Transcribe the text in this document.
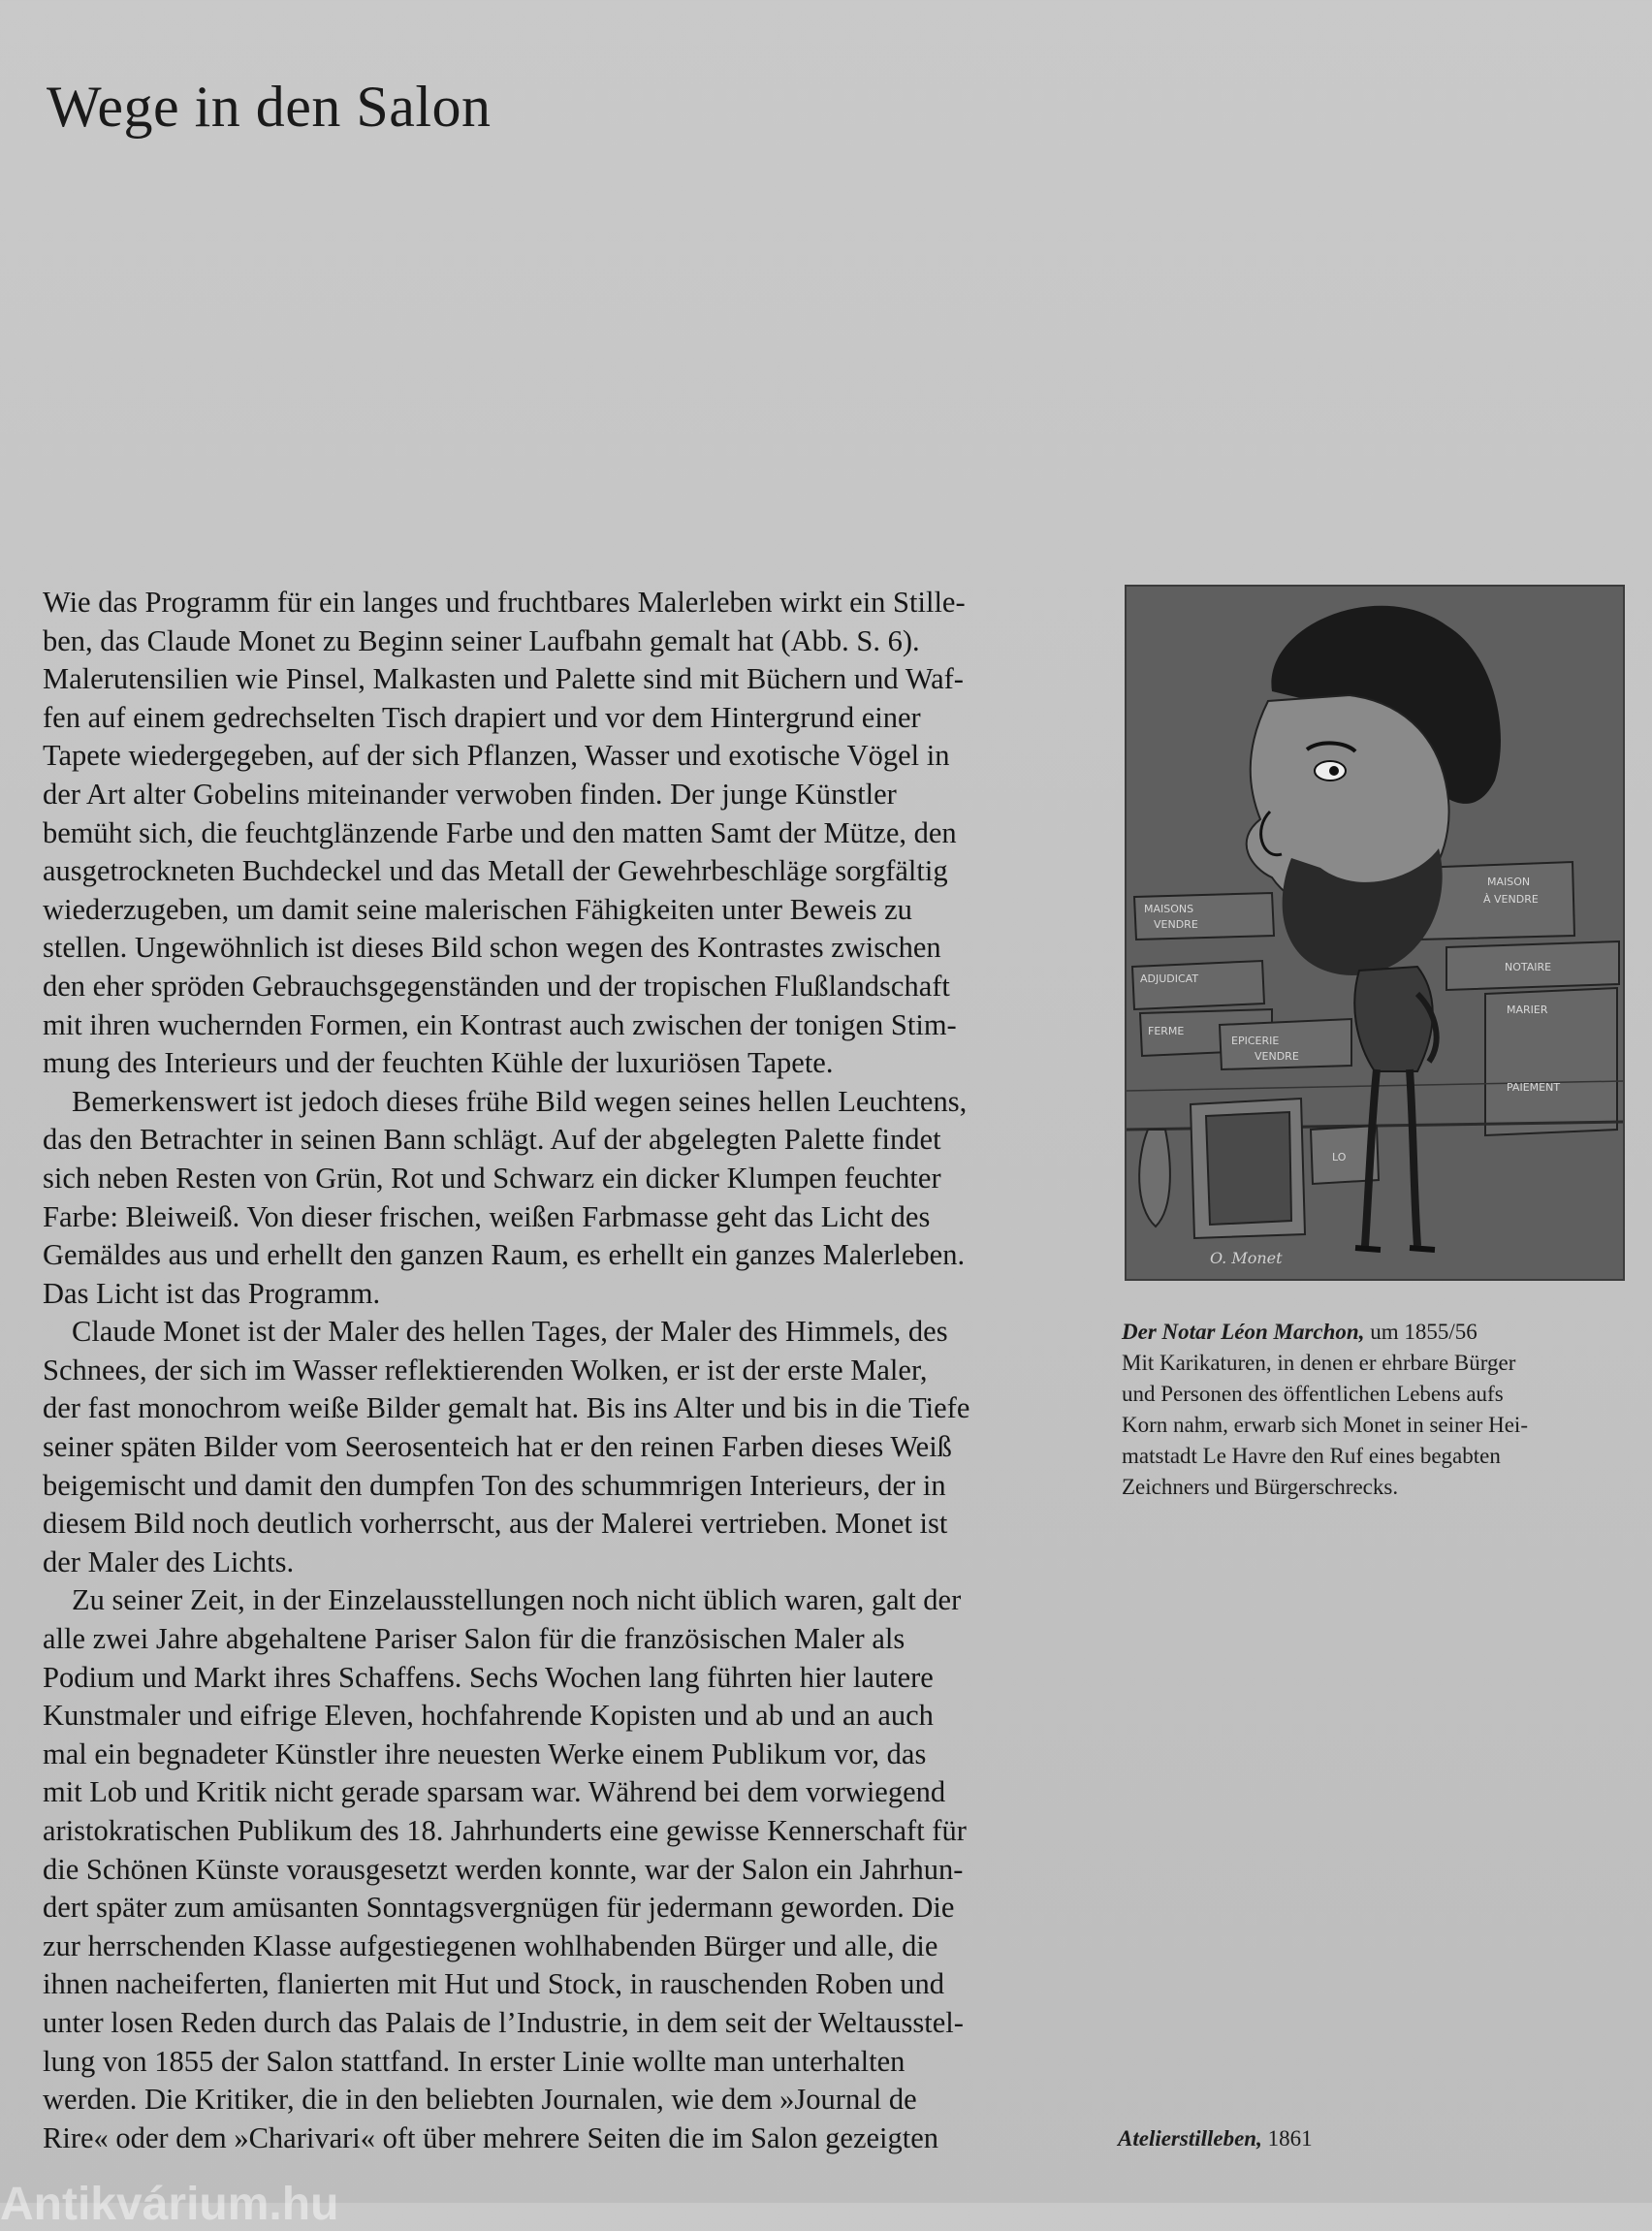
Wege in den Salon
Wie das Programm für ein langes und fruchtbares Malerleben wirkt ein Stille-
ben, das Claude Monet zu Beginn seiner Laufbahn gemalt hat (Abb. S. 6).
Malerutensilien wie Pinsel, Malkasten und Palette sind mit Büchern und Waf-
fen auf einem gedrechselten Tisch drapiert und vor dem Hintergrund einer
Tapete wiedergegeben, auf der sich Pflanzen, Wasser und exotische Vögel in
der Art alter Gobelins miteinander verwoben finden. Der junge Künstler
bemüht sich, die feuchtglänzende Farbe und den matten Samt der Mütze, den
ausgetrockneten Buchdeckel und das Metall der Gewehrbeschläge sorgfältig
wiederzugeben, um damit seine malerischen Fähigkeiten unter Beweis zu
stellen. Ungewöhnlich ist dieses Bild schon wegen des Kontrastes zwischen
den eher spröden Gebrauchsgegenständen und der tropischen Flußlandschaft
mit ihren wuchernden Formen, ein Kontrast auch zwischen der tonigen Stim-
mung des Interieurs und der feuchten Kühle der luxuriösen Tapete.
Bemerkenswert ist jedoch dieses frühe Bild wegen seines hellen Leuchtens,
das den Betrachter in seinen Bann schlägt. Auf der abgelegten Palette findet
sich neben Resten von Grün, Rot und Schwarz ein dicker Klumpen feuchter
Farbe: Bleiweiß. Von dieser frischen, weißen Farbmasse geht das Licht des
Gemäldes aus und erhellt den ganzen Raum, es erhellt ein ganzes Malerleben.
Das Licht ist das Programm.
Claude Monet ist der Maler des hellen Tages, der Maler des Himmels, des
Schnees, der sich im Wasser reflektierenden Wolken, er ist der erste Maler,
der fast monochrom weiße Bilder gemalt hat. Bis ins Alter und bis in die Tiefe
seiner späten Bilder vom Seerosenteich hat er den reinen Farben dieses Weiß
beigemischt und damit den dumpfen Ton des schummrigen Interieurs, der in
diesem Bild noch deutlich vorherrscht, aus der Malerei vertrieben. Monet ist
der Maler des Lichts.
Zu seiner Zeit, in der Einzelausstellungen noch nicht üblich waren, galt der
alle zwei Jahre abgehaltene Pariser Salon für die französischen Maler als
Podium und Markt ihres Schaffens. Sechs Wochen lang führten hier lautere
Kunstmaler und eifrige Eleven, hochfahrende Kopisten und ab und an auch
mal ein begnadeter Künstler ihre neuesten Werke einem Publikum vor, das
mit Lob und Kritik nicht gerade sparsam war. Während bei dem vorwiegend
aristokratischen Publikum des 18. Jahrhunderts eine gewisse Kennerschaft für
die Schönen Künste vorausgesetzt werden konnte, war der Salon ein Jahrhun-
dert später zum amüsanten Sonntagsvergnügen für jedermann geworden. Die
zur herrschenden Klasse aufgestiegenen wohlhabenden Bürger und alle, die
ihnen nacheiferten, flanierten mit Hut und Stock, in rauschenden Roben und
unter losen Reden durch das Palais de l’Industrie, in dem seit der Weltausstel-
lung von 1855 der Salon stattfand. In erster Linie wollte man unterhalten
werden. Die Kritiker, die in den beliebten Journalen, wie dem »Journal de
Rire« oder dem »Charivari« oft über mehrere Seiten die im Salon gezeigten
MAISONS
VENDRE
ADJUDICAT
FERME
EPICERIE
VENDRE
MAISON
À VENDRE
NOTAIRE
MARIER
PAIEMENT
LO
O. Monet
Der Notar Léon Marchon, um 1855/56
Mit Karikaturen, in denen er ehrbare Bürger
und Personen des öffentlichen Lebens aufs
Korn nahm, erwarb sich Monet in seiner Hei-
matstadt Le Havre den Ruf eines begabten
Zeichners und Bürgerschrecks.
Atelierstilleben, 1861
Antikvárium.hu
